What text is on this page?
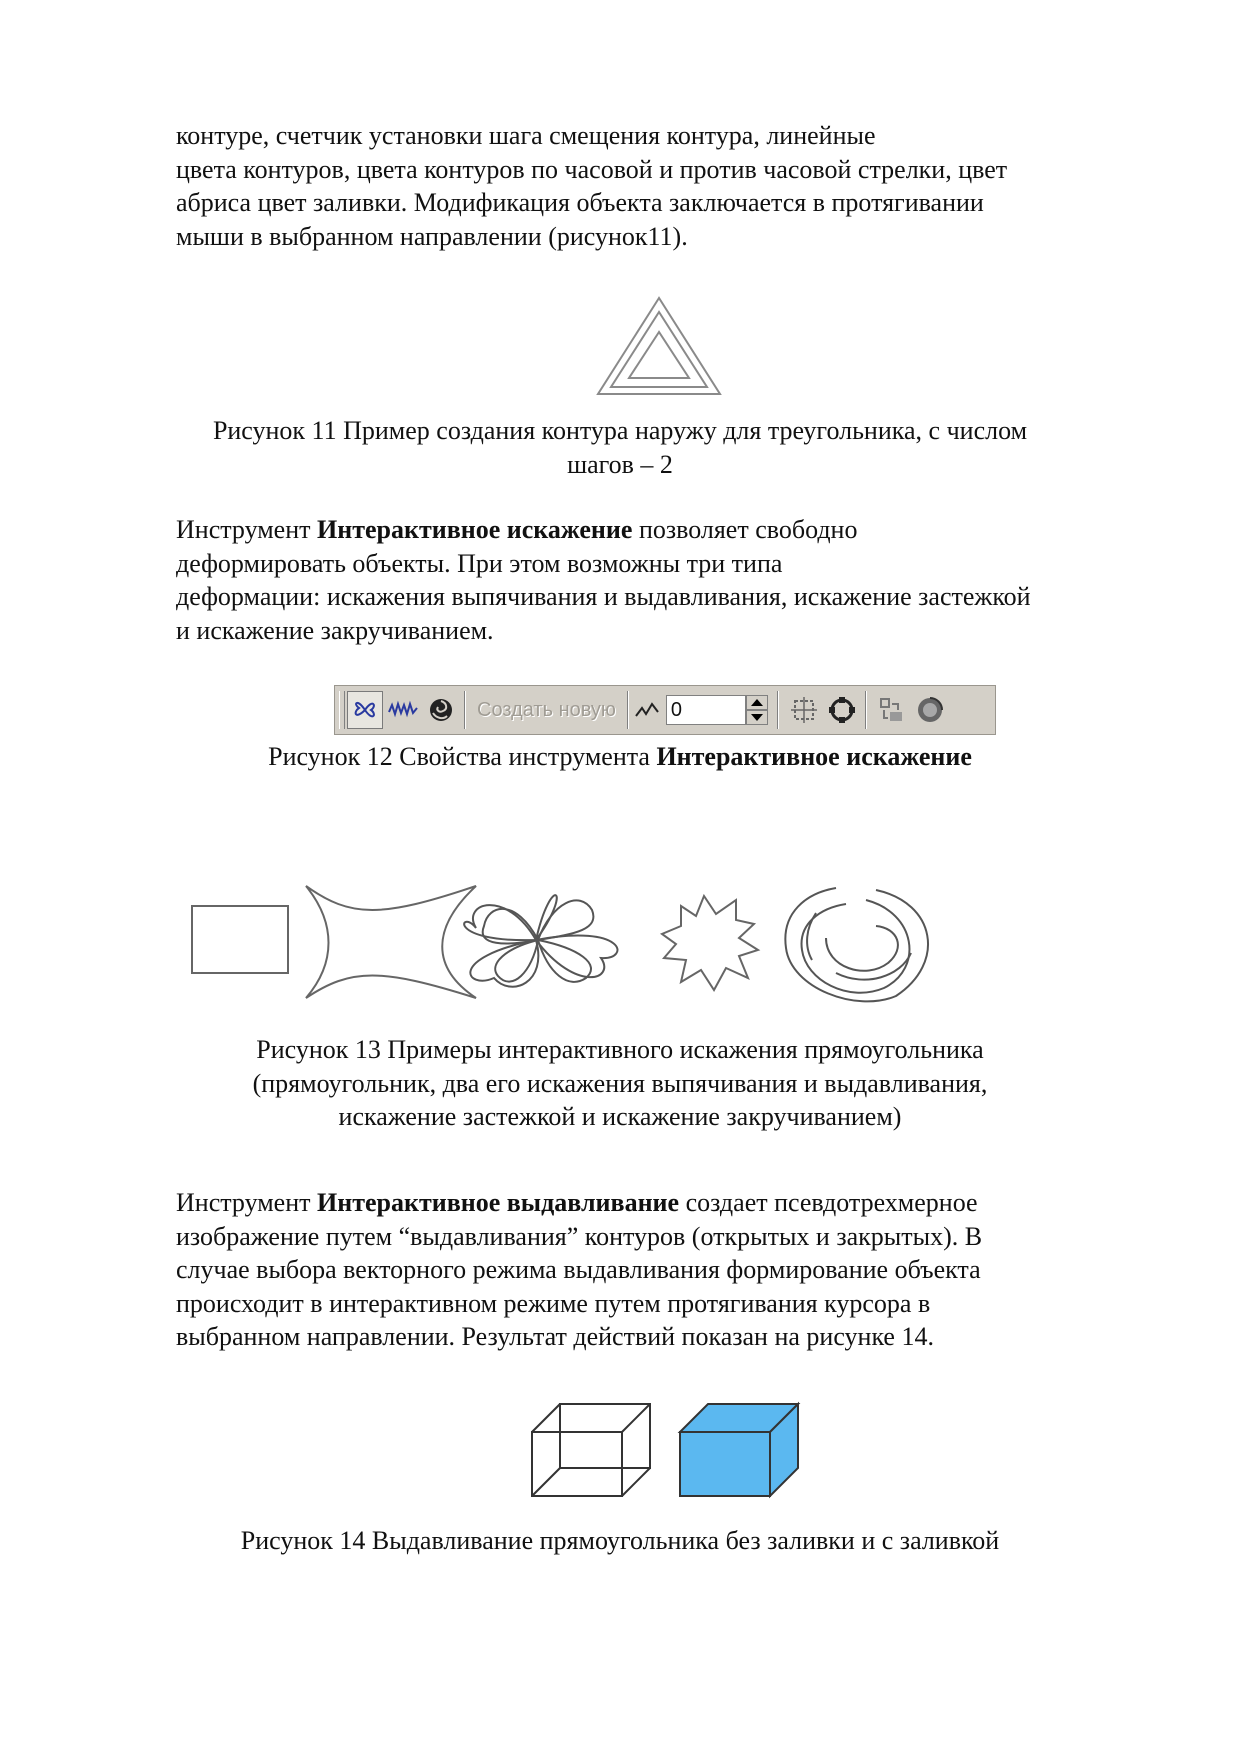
контуре, счетчик установки шага смещения контура, линейные
цвета контуров, цвета контуров по часовой и против часовой стрелки, цвет
абриса цвет заливки. Модификация объекта заключается в протягивании
мыши в выбранном направлении (рисунок11).
Рисунок 11 Пример создания контура наружу для треугольника, с числом
шагов – 2
Инструмент Интерактивное искажение позволяет свободно
деформировать объекты. При этом возможны три типа
деформации: искажения выпячивания и выдавливания, искажение застежкой
и искажение закручиванием.
Создать новую	0
Рисунок 12 Свойства инструмента Интерактивное искажение
Рисунок 13 Примеры интерактивного искажения прямоугольника
(прямоугольник, два его искажения выпячивания и выдавливания,
искажение застежкой и искажение закручиванием)
Инструмент Интерактивное выдавливание создает псевдотрехмерное
изображение путем “выдавливания” контуров (открытых и закрытых). В
случае выбора векторного режима выдавливания формирование объекта
происходит в интерактивном режиме путем протягивания курсора в
выбранном направлении. Результат действий показан на рисунке 14.
Рисунок 14 Выдавливание прямоугольника без заливки и с заливкой
